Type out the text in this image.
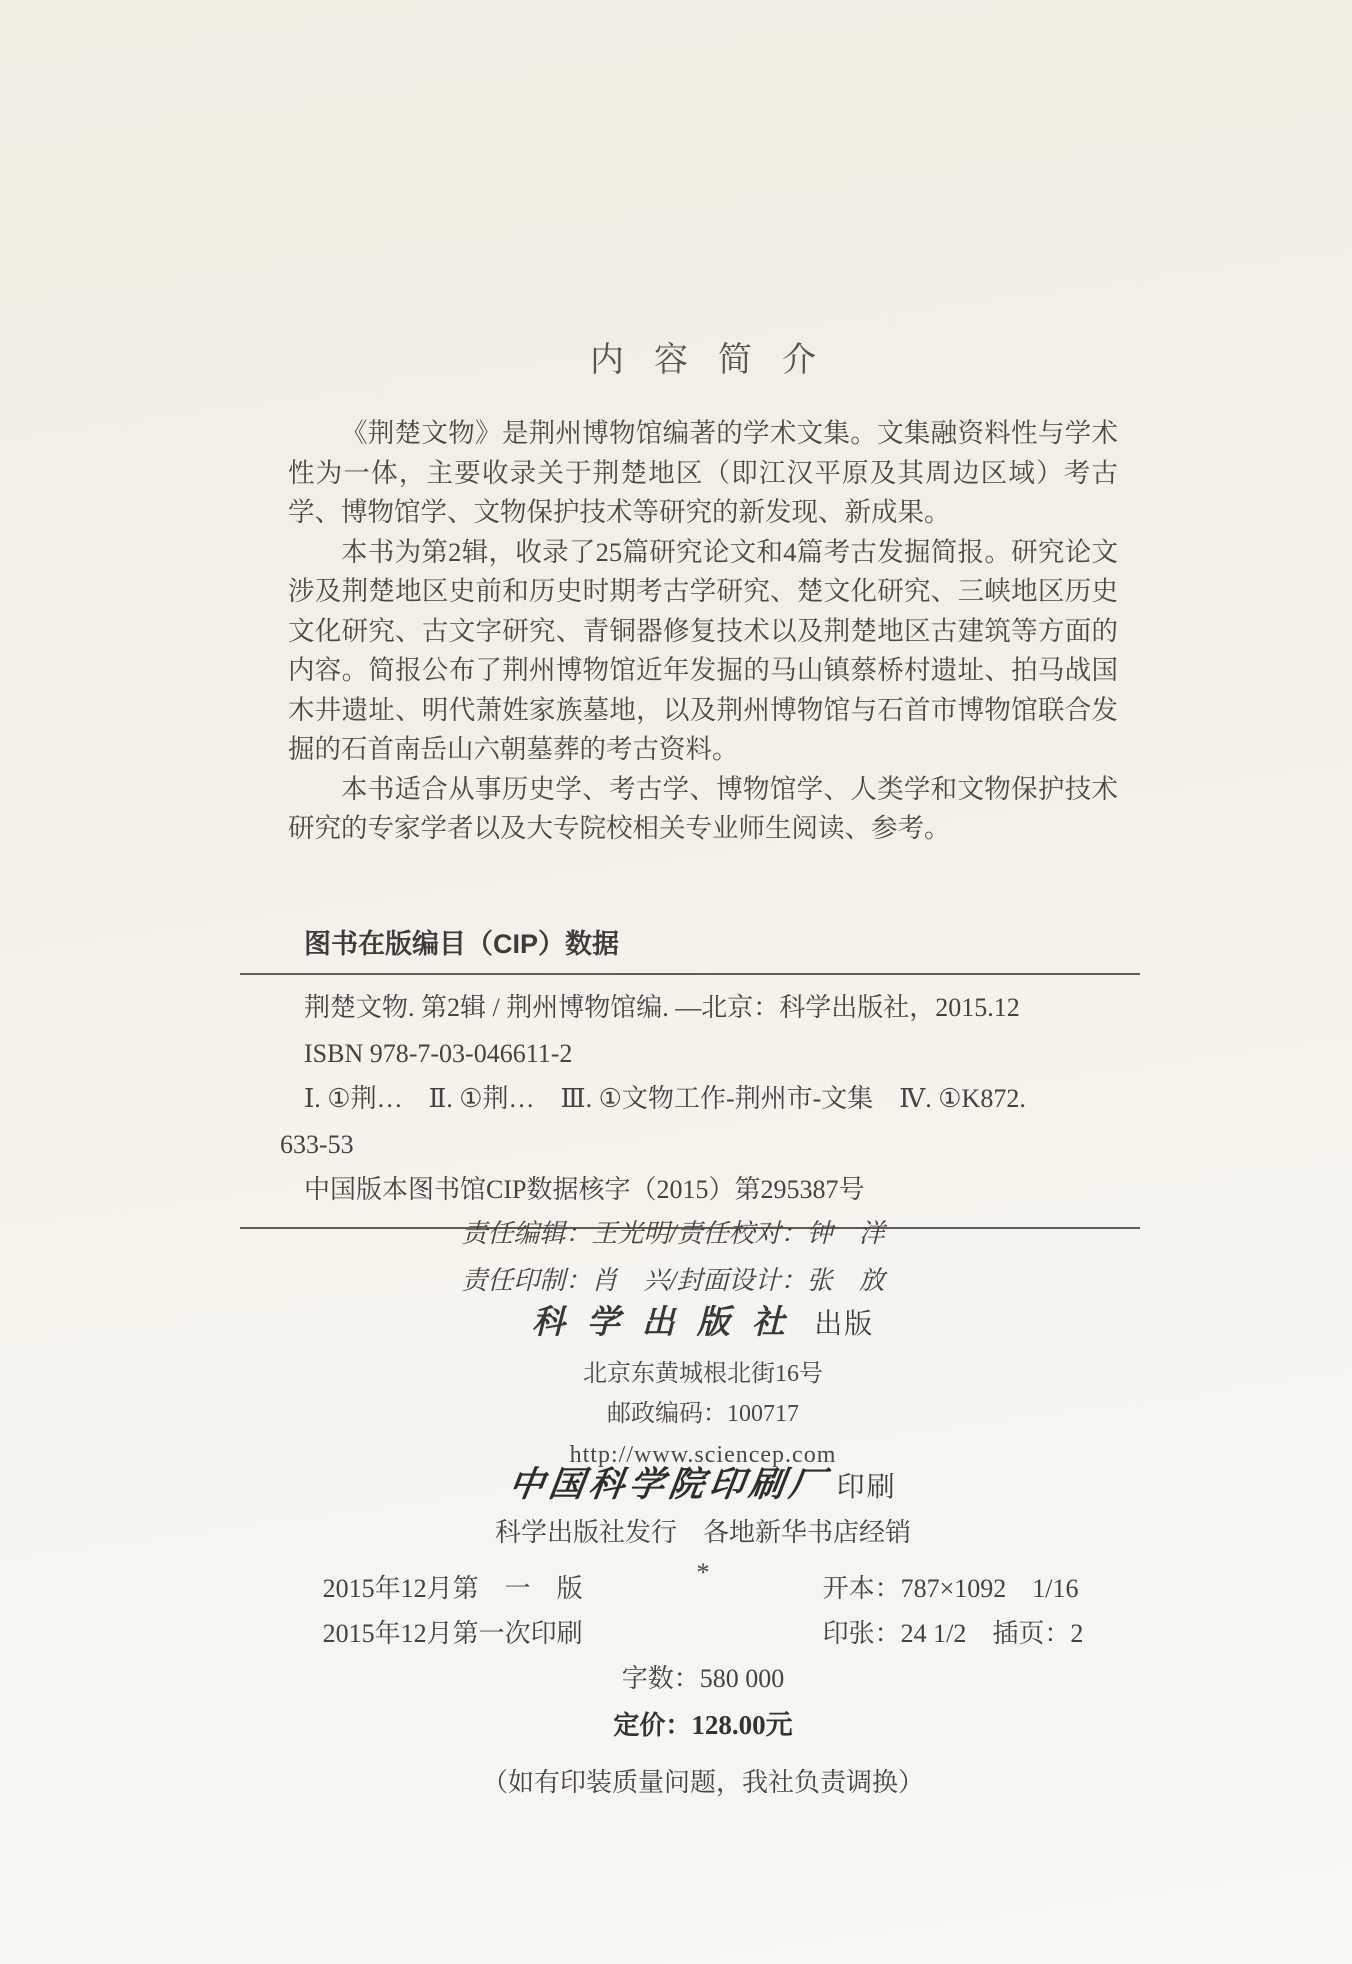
内容简介

《荆楚文物》是荆州博物馆编著的学术文集。文集融资料性与学术性为一体，主要收录关于荆楚地区（即江汉平原及其周边区域）考古学、博物馆学、文物保护技术等研究的新发现、新成果。

本书为第2辑，收录了25篇研究论文和4篇考古发掘简报。研究论文涉及荆楚地区史前和历史时期考古学研究、楚文化研究、三峡地区历史文化研究、古文字研究、青铜器修复技术以及荆楚地区古建筑等方面的内容。简报公布了荆州博物馆近年发掘的马山镇蔡桥村遗址、拍马战国木井遗址、明代萧姓家族墓地，以及荆州博物馆与石首市博物馆联合发掘的石首南岳山六朝墓葬的考古资料。

本书适合从事历史学、考古学、博物馆学、人类学和文物保护技术研究的专家学者以及大专院校相关专业师生阅读、参考。

图书在版编目（CIP）数据
荆楚文物. 第2辑 / 荆州博物馆编. —北京：科学出版社，2015.12
ISBN 978-7-03-046611-2
Ⅰ. ①荆…　Ⅱ. ①荆…　Ⅲ. ①文物工作-荆州市-文集　Ⅳ. ①K872.
633-53
中国版本图书馆CIP数据核字（2015）第295387号
责任编辑：王光明/责任校对：钟　洋
责任印制：肖　兴/封面设计：张　放
科学出版社 出版
北京东黄城根北街16号
邮政编码：100717
http://www.sciencep.com
中国科学院印刷厂 印刷
科学出版社发行　各地新华书店经销
*
2015年12月第　一　版	开本：787×1092　1/16
2015年12月第一次印刷	印张：24 1/2　插页：2
字数：580 000
定价：128.00元
（如有印装质量问题，我社负责调换）
